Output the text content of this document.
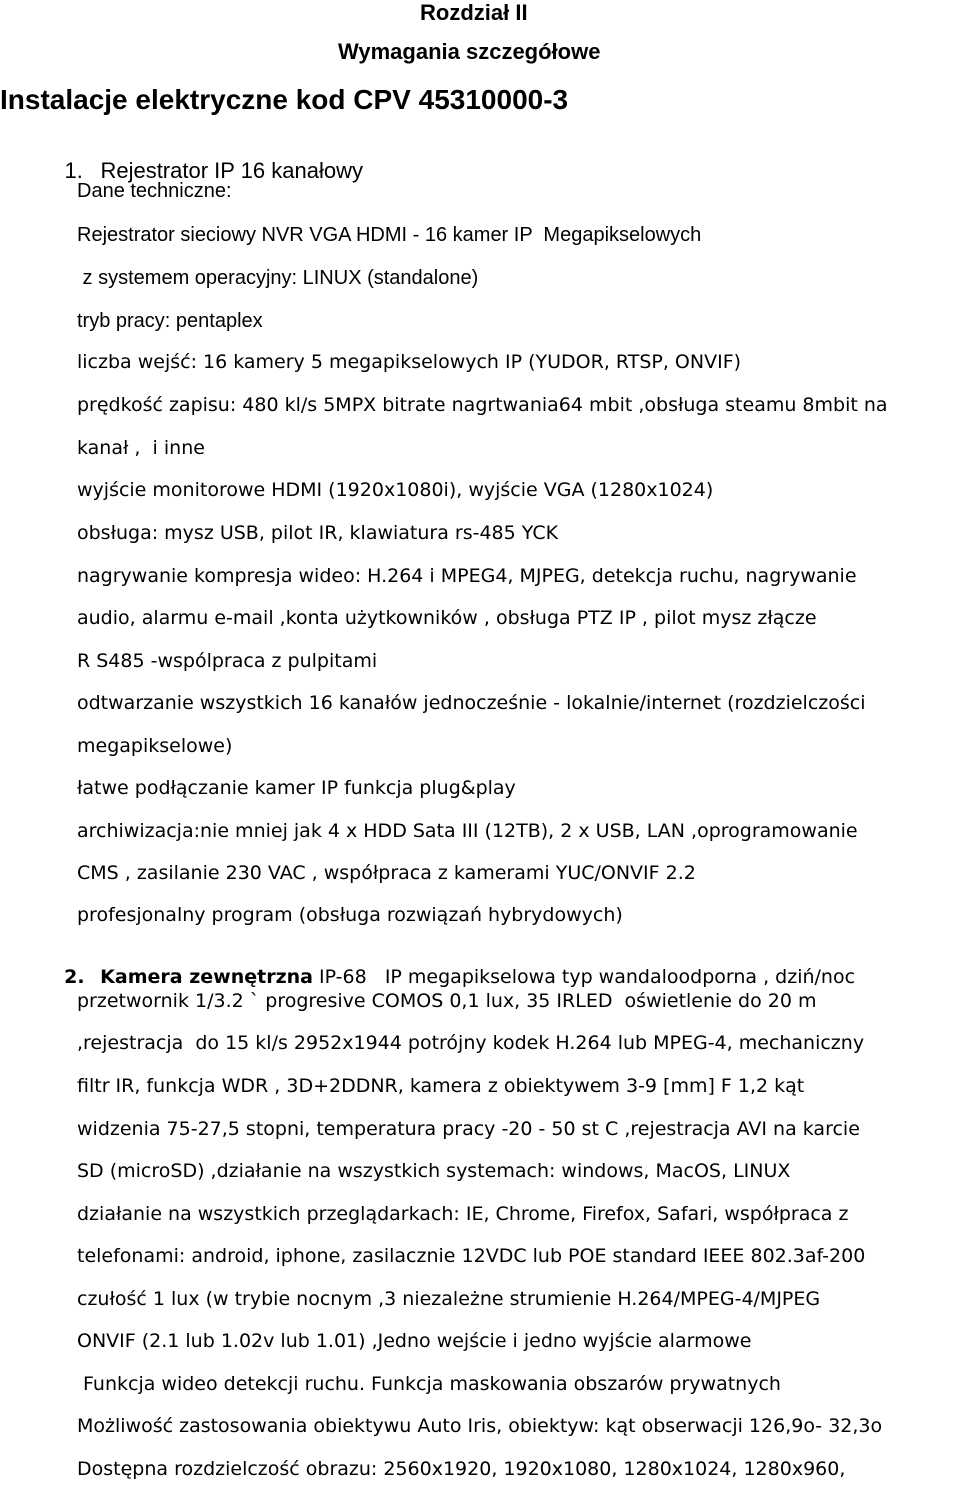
Rozdział II
Wymagania szczegółowe
Instalacje elektryczne kod CPV 45310000-3

1. Rejestrator IP 16 kanałowy

Dane techniczne:
Rejestrator sieciowy NVR VGA HDMI - 16 kamer IP  Megapikselowych
z systemem operacyjny: LINUX (standalone)
tryb pracy: pentaplex
liczba wejść: 16 kamery 5 megapikselowych IP (YUDOR, RTSP, ONVIF)
prędkość zapisu: 480 kl/s 5MPX bitrate nagrtwania64 mbit ,obsługa steamu 8mbit na
kanał ,  i inne
wyjście monitorowe HDMI (1920x1080i), wyjście VGA (1280x1024)
obsługa: mysz USB, pilot IR, klawiatura rs-485 YCK
nagrywanie kompresja wideo: H.264 i MPEG4, MJPEG, detekcja ruchu, nagrywanie
audio, alarmu e-mail ,konta użytkowników , obsługa PTZ IP , pilot mysz złącze
R S485 -wspólpraca z pulpitami
odtwarzanie wszystkich 16 kanałów jednocześnie - lokalnie/internet (rozdzielczości
megapikselowe)
łatwe podłączanie kamer IP funkcja plug&play
archiwizacja:nie mniej jak 4 x HDD Sata III (12TB), 2 x USB, LAN ,oprogramowanie
CMS , zasilanie 230 VAC , współpraca z kamerami YUC/ONVIF 2.2
profesjonalny program (obsługa rozwiązań hybrydowych)

2. Kamera zewnętrzna IP-68   IP megapikselowa typ wandaloodporna , dziń/noc

przetwornik 1/3.2 ` progresive COMOS 0,1 lux, 35 IRLED  oświetlenie do 20 m
,rejestracja  do 15 kl/s 2952x1944 potrójny kodek H.264 lub MPEG-4, mechaniczny
filtr IR, funkcja WDR , 3D+2DDNR, kamera z obiektywem 3-9 [mm] F 1,2 kąt
widzenia 75-27,5 stopni, temperatura pracy -20 - 50 st C ,rejestracja AVI na karcie
SD (microSD) ,działanie na wszystkich systemach: windows, MacOS, LINUX
działanie na wszystkich przeglądarkach: IE, Chrome, Firefox, Safari, współpraca z
telefonami: android, iphone, zasilacznie 12VDC lub POE standard IEEE 802.3af-200
czułość 1 lux (w trybie nocnym ,3 niezależne strumienie H.264/MPEG-4/MJPEG
ONVIF (2.1 lub 1.02v lub 1.01) ,Jedno wejście i jedno wyjście alarmowe
Funkcja wideo detekcji ruchu. Funkcja maskowania obszarów prywatnych
Możliwość zastosowania obiektywu Auto Iris, obiektyw: kąt obserwacji 126,9o- 32,3o
Dostępna rozdzielczość obrazu: 2560x1920, 1920x1080, 1280x1024, 1280x960,
